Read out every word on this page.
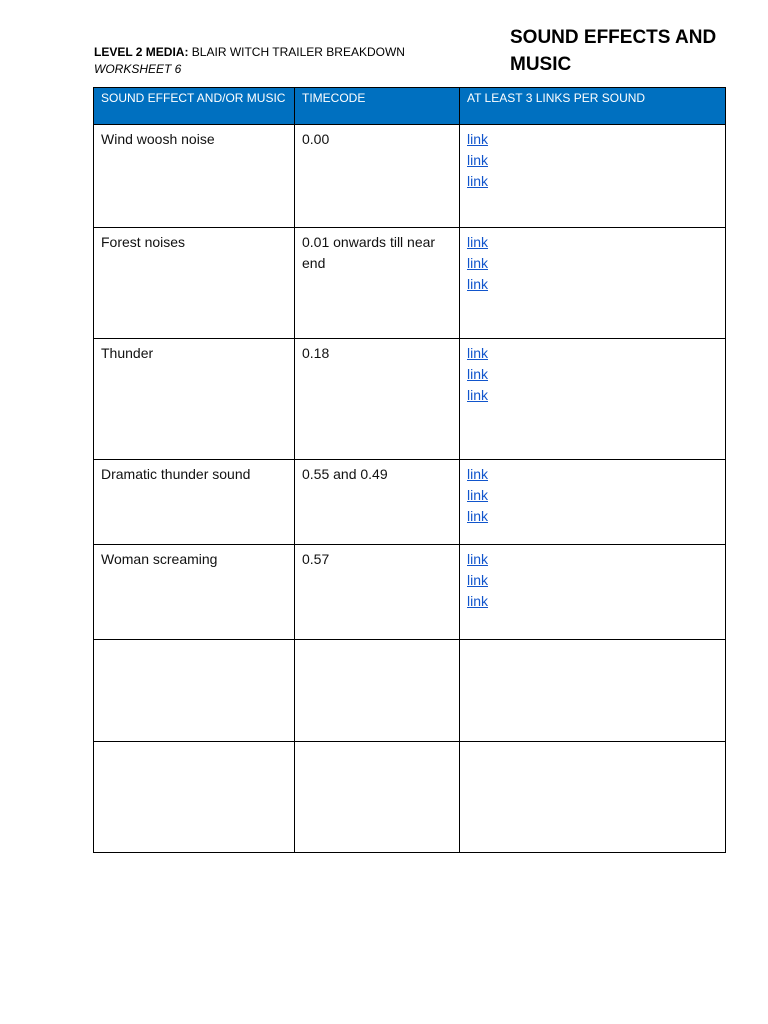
SOUND EFFECTS AND
MUSIC
LEVEL 2 MEDIA: BLAIR WITCH TRAILER BREAKDOWN
WORKSHEET 6
SOUND EFFECT AND/OR MUSIC	TIMECODE	AT LEAST 3 LINKS PER SOUND
Wind woosh noise	0.00	link
link
link

Forest noises	0.01 onwards till near end	link
link
link

Thunder	0.18	link
link
link

Dramatic thunder sound	0.55 and 0.49	link
link
link

Woman screaming	0.57	link
link
link
